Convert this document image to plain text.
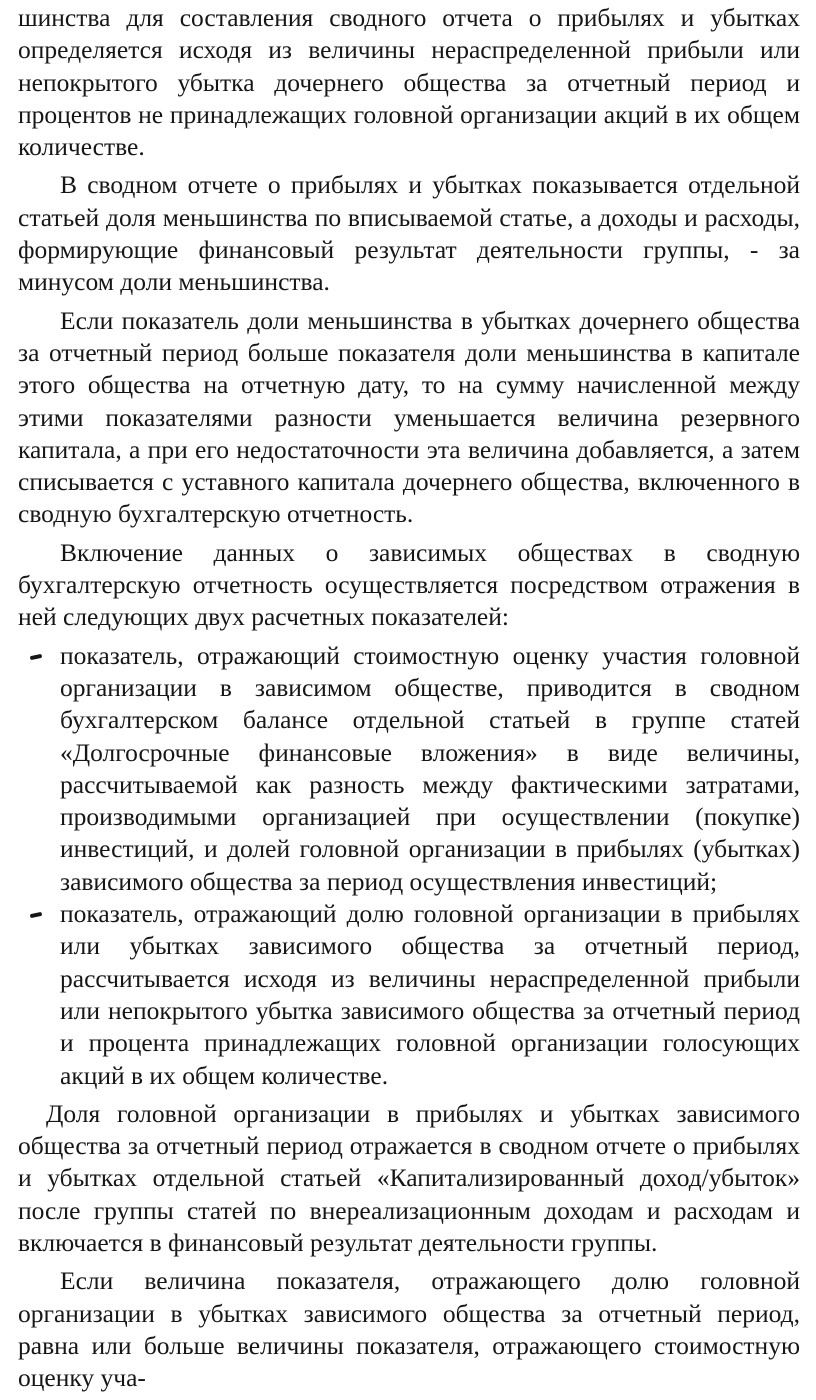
шинства для составления сводного отчета о прибылях и убытках определяется исходя из величины нераспределенной прибыли или непокрытого убытка дочернего общества за отчетный период и процентов не принадлежащих головной организации акций в их общем количестве.

В сводном отчете о прибылях и убытках показывается отдельной статьей доля меньшинства по вписываемой статье, а доходы и расходы, формирующие финансовый результат деятельности группы, - за минусом доли меньшинства.

Если показатель доли меньшинства в убытках дочернего общества за отчетный период больше показателя доли меньшинства в капитале этого общества на отчетную дату, то на сумму начисленной между этими показателями разности уменьшается величина резервного капитала, а при его недостаточности эта величина добавляется, а затем списывается с уставного капитала дочернего общества, включенного в сводную бухгалтерскую отчетность.

Включение данных о зависимых обществах в сводную бухгалтерскую отчетность осуществляется посредством отражения в ней следующих двух расчетных показателей:

показатель, отражающий стоимостную оценку участия головной организации в зависимом обществе, приводится в сводном бухгалтерском балансе отдельной статьей в группе статей «Долгосрочные финансовые вложения» в виде величины, рассчитываемой как разность между фактическими затратами, производимыми организацией при осуществлении (покупке) инвестиций, и долей головной организации в прибылях (убытках) зависимого общества за период осуществления инвестиций;
показатель, отражающий долю головной организации в прибылях или убытках зависимого общества за отчетный период, рассчитывается исходя из величины нераспределенной прибыли или непокрытого убытка зависимого общества за отчетный период и процента принадлежащих головной организации голосующих акций в их общем количестве.

Доля головной организации в прибылях и убытках зависимого общества за отчетный период отражается в сводном отчете о прибылях и убытках отдельной статьей «Капитализированный доход/убыток» после группы статей по внереализационным доходам и расходам и включается в финансовый результат деятельности группы.

Если величина показателя, отражающего долю головной организации в убытках зависимого общества за отчетный период, равна или больше величины показателя, отражающего стоимостную оценку уча-
